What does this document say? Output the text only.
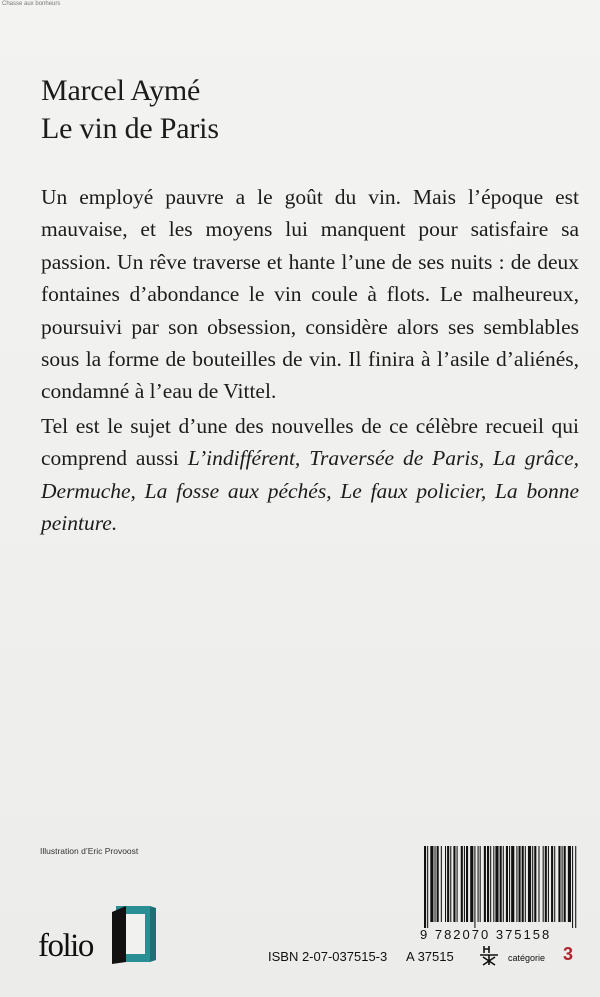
Chasse aux bonheurs
Marcel Aymé
Le vin de Paris

Un employé pauvre a le goût du vin. Mais l’époque est mauvaise, et les moyens lui manquent pour satisfaire sa passion. Un rêve traverse et hante l’une de ses nuits : de deux fontaines d’abondance le vin coule à flots. Le malheureux, poursuivi par son obsession, considère alors ses semblables sous la forme de bouteilles de vin. Il finira à l’asile d’aliénés, condamné à l’eau de Vittel.

Tel est le sujet d’une des nouvelles de ce célèbre recueil qui comprend aussi L’indifférent, Traversée de Paris, La grâce, Dermuche, La fosse aux péchés, Le faux policier, La bonne peinture.

Illustration d’Eric Provoost
folio	9 782070 375158
ISBN 2-07-037515-3 A 37515	catégorie 3
